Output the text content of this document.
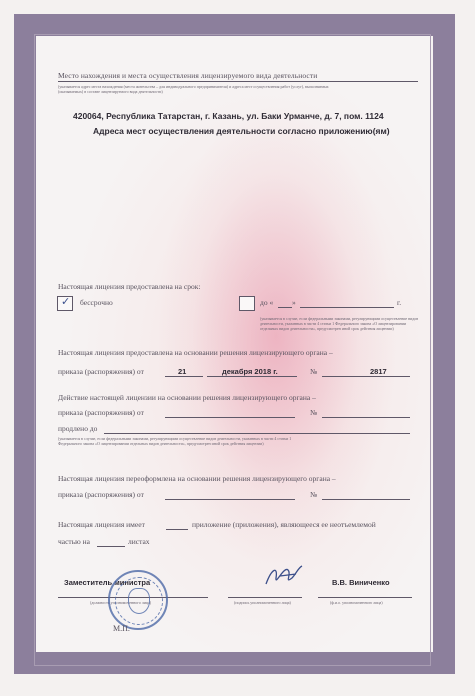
Место нахождения и места осуществления лицензируемого вида деятельности
(указывается адрес места нахождения (места жительства – для индивидуального предпринимателя) и адреса мест осуществления работ (услуг), выполняемых (оказываемых) в составе лицензируемого вида деятельности)
420064, Республика Татарстан, г. Казань, ул. Баки Урманче, д. 7, пом. 1124
Адреса мест осуществления деятельности согласно приложению(ям)
Настоящая лицензия предоставлена на срок:
✓ бессрочно	до «	»	г.
(указывается в случае, если федеральными законами, регулирующими осуществление видов деятельности, указанных в части 4 статьи 1 Федерального закона «О лицензировании отдельных видов деятельности», предусмотрен иной срок действия лицензии)
Настоящая лицензия предоставлена на основании решения лицензирующего органа –
приказа (распоряжения) от	21	декабря 2018 г.	№	2817
Действие настоящей лицензии на основании решения лицензирующего органа –
приказа (распоряжения) от	№
продлено до
(указывается в случае, если федеральными законами, регулирующими осуществление видов деятельности, указанных в части 4 статьи 1 Федерального закона «О лицензировании отдельных видов деятельности», предусмотрен иной срок действия лицензии)
Настоящая лицензия переоформлена на основании решения лицензирующего органа –
приказа (распоряжения) от	№
Настоящая лицензия имеет	приложение (приложения), являющееся ее неотъемлемой
частью на	листах
Заместитель министра
(должность уполномоченного лица)	(подпись уполномоченного лица)
В.В. Виниченко
(ф.и.о. уполномоченного лица)
М.П.
